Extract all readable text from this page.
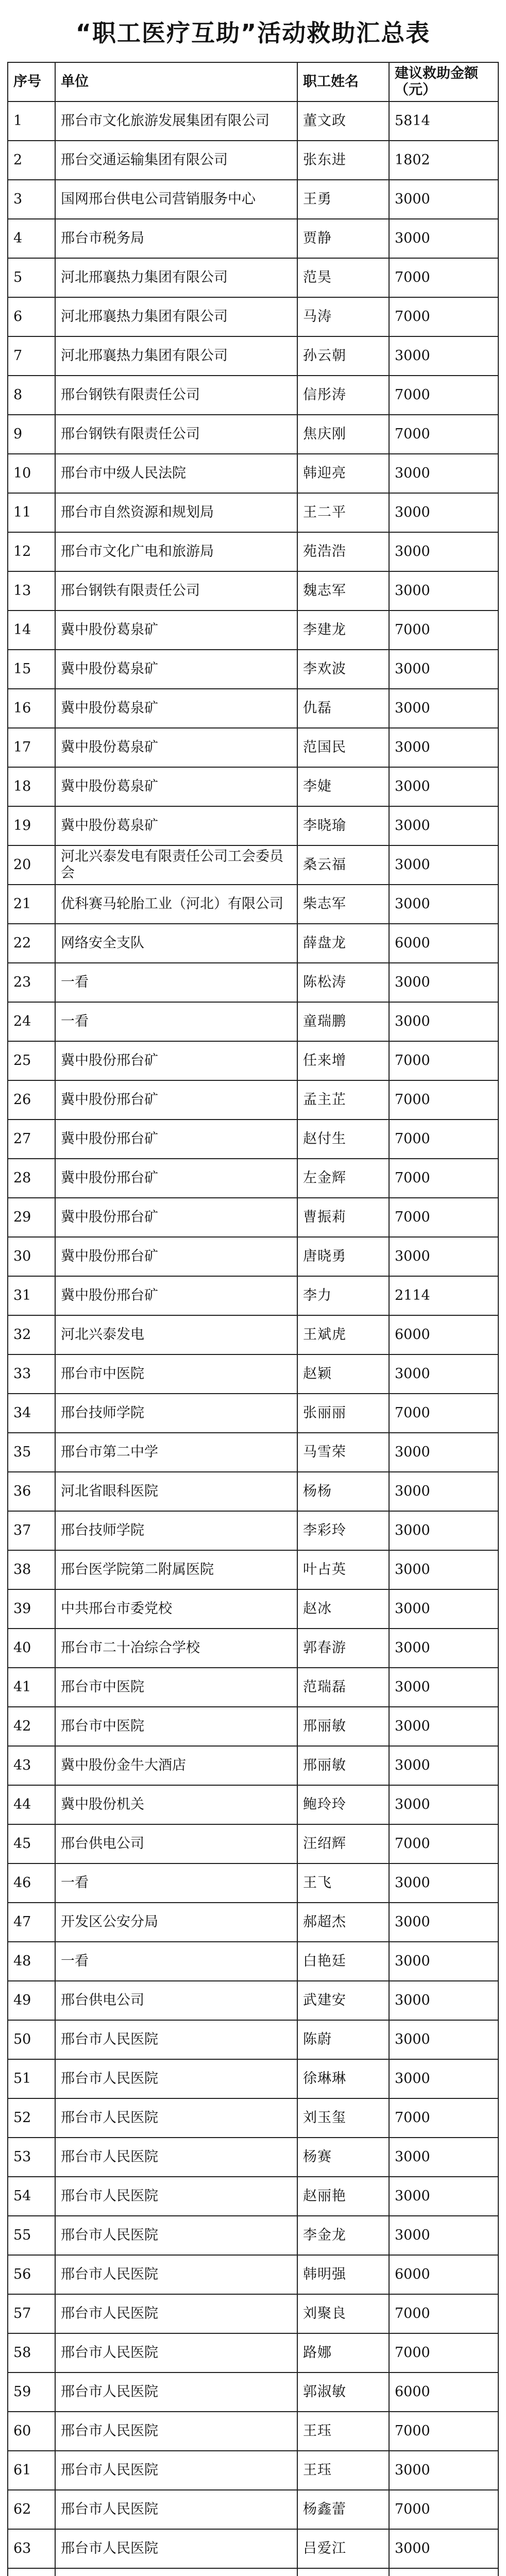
“职工医疗互助”活动救助汇总表
序号	单位	职工姓名	建议救助金额（元）
1	邢台市文化旅游发展集团有限公司	董文政	5814
2	邢台交通运输集团有限公司	张东进	1802
3	国网邢台供电公司营销服务中心	王勇	3000
4	邢台市税务局	贾静	3000
5	河北邢襄热力集团有限公司	范昊	7000
6	河北邢襄热力集团有限公司	马涛	7000
7	河北邢襄热力集团有限公司	孙云朝	3000
8	邢台钢铁有限责任公司	信彤涛	7000
9	邢台钢铁有限责任公司	焦庆刚	7000
10	邢台市中级人民法院	韩迎亮	3000
11	邢台市自然资源和规划局	王二平	3000
12	邢台市文化广电和旅游局	苑浩浩	3000
13	邢台钢铁有限责任公司	魏志军	3000
14	冀中股份葛泉矿	李建龙	7000
15	冀中股份葛泉矿	李欢波	3000
16	冀中股份葛泉矿	仇磊	3000
17	冀中股份葛泉矿	范国民	3000
18	冀中股份葛泉矿	李婕	3000
19	冀中股份葛泉矿	李晓瑜	3000
20	河北兴泰发电有限责任公司工会委员会	桑云福	3000
21	优科赛马轮胎工业（河北）有限公司	柴志军	3000
22	网络安全支队	薛盘龙	6000
23	一看	陈松涛	3000
24	一看	童瑞鹏	3000
25	冀中股份邢台矿	任来增	7000
26	冀中股份邢台矿	孟主芷	7000
27	冀中股份邢台矿	赵付生	7000
28	冀中股份邢台矿	左金辉	7000
29	冀中股份邢台矿	曹振莉	7000
30	冀中股份邢台矿	唐晓勇	3000
31	冀中股份邢台矿	李力	2114
32	河北兴泰发电	王斌虎	6000
33	邢台市中医院	赵颖	3000
34	邢台技师学院	张丽丽	7000
35	邢台市第二中学	马雪荣	3000
36	河北省眼科医院	杨杨	3000
37	邢台技师学院	李彩玲	3000
38	邢台医学院第二附属医院	叶占英	3000
39	中共邢台市委党校	赵冰	3000
40	邢台市二十冶综合学校	郭春游	3000
41	邢台市中医院	范瑞磊	3000
42	邢台市中医院	邢丽敏	3000
43	冀中股份金牛大酒店	邢丽敏	3000
44	冀中股份机关	鲍玲玲	3000
45	邢台供电公司	汪绍辉	7000
46	一看	王飞	3000
47	开发区公安分局	郝超杰	3000
48	一看	白艳廷	3000
49	邢台供电公司	武建安	3000
50	邢台市人民医院	陈蔚	3000
51	邢台市人民医院	徐琳琳	3000
52	邢台市人民医院	刘玉玺	7000
53	邢台市人民医院	杨赛	3000
54	邢台市人民医院	赵丽艳	3000
55	邢台市人民医院	李金龙	3000
56	邢台市人民医院	韩明强	6000
57	邢台市人民医院	刘聚良	7000
58	邢台市人民医院	路娜	7000
59	邢台市人民医院	郭淑敏	6000
60	邢台市人民医院	王珏	7000
61	邢台市人民医院	王珏	3000
62	邢台市人民医院	杨鑫蕾	7000
63	邢台市人民医院	吕爱江	3000
